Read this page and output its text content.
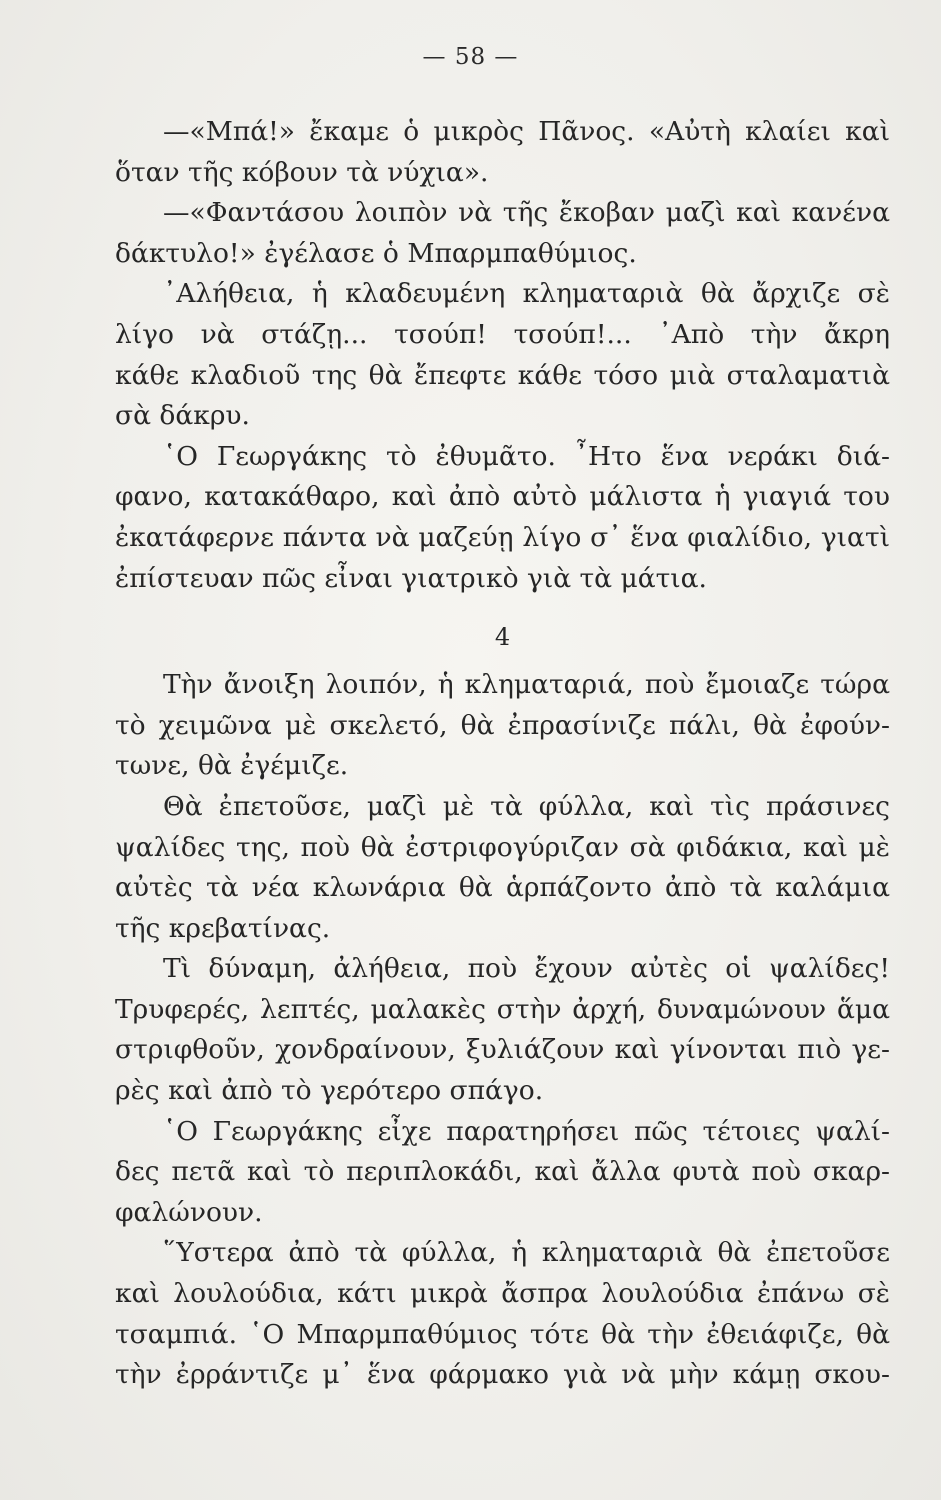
— 58 —
—«Μπά!» ἔκαμε ὁ μικρὸς Πᾶνος. «Αὐτὴ κλαίει καὶ
ὅταν τῆς κόβουν τὰ νύχια».
—«Φαντάσου λοιπὸν νὰ τῆς ἔκοβαν μαζὶ καὶ κανένα
δάκτυλο!» ἐγέλασε ὁ Μπαρμπαθύμιος.
᾿Αλήθεια, ἡ κλαδευμένη κληματαριὰ θὰ ἄρχιζε σὲ
λίγο νὰ στάζῃ... τσούπ! τσούπ!... ᾿Απὸ τὴν ἄκρη
κάθε κλαδιοῦ της θὰ ἔπεφτε κάθε τόσο μιὰ σταλαματιὰ
σὰ δάκρυ.
῾Ο Γεωργάκης τὸ ἐθυμᾶτο. ῏Ητο ἕνα νεράκι διά-
φανο, κατακάθαρο, καὶ ἀπὸ αὐτὸ μάλιστα ἡ γιαγιά του
ἐκατάφερνε πάντα νὰ μαζεύῃ λίγο σ᾿ ἕνα φιαλίδιο, γιατὶ
ἐπίστευαν πῶς εἶναι γιατρικὸ γιὰ τὰ μάτια.
4
Τὴν ἄνοιξη λοιπόν, ἡ κληματαριά, ποὺ ἔμοιαζε τώρα
τὸ χειμῶνα μὲ σκελετό, θὰ ἐπρασίνιζε πάλι, θὰ ἐφούν-
τωνε, θὰ ἐγέμιζε.
Θὰ ἐπετοῦσε, μαζὶ μὲ τὰ φύλλα, καὶ τὶς πράσινες
ψαλίδες της, ποὺ θὰ ἐστριφογύριζαν σὰ φιδάκια, καὶ μὲ
αὐτὲς τὰ νέα κλωνάρια θὰ ἁρπάζοντο ἀπὸ τὰ καλάμια
τῆς κρεβατίνας.
Τὶ δύναμη, ἀλήθεια, ποὺ ἔχουν αὐτὲς οἱ ψαλίδες!
Τρυφερές, λεπτές, μαλακὲς στὴν ἀρχή, δυναμώνουν ἅμα
στριφθοῦν, χονδραίνουν, ξυλιάζουν καὶ γίνονται πιὸ γε-
ρὲς καὶ ἀπὸ τὸ γερότερο σπάγο.
῾Ο Γεωργάκης εἶχε παρατηρήσει πῶς τέτοιες ψαλί-
δες πετᾶ καὶ τὸ περιπλοκάδι, καὶ ἄλλα φυτὰ ποὺ σκαρ-
φαλώνουν.
῞Υστερα ἀπὸ τὰ φύλλα, ἡ κληματαριὰ θὰ ἐπετοῦσε
καὶ λουλούδια, κάτι μικρὰ ἄσπρα λουλούδια ἐπάνω σὲ
τσαμπιά. ῾Ο Μπαρμπαθύμιος τότε θὰ τὴν ἐθειάφιζε, θὰ
τὴν ἐρράντιζε μ᾿ ἕνα φάρμακο γιὰ νὰ μὴν κάμῃ σκου-
